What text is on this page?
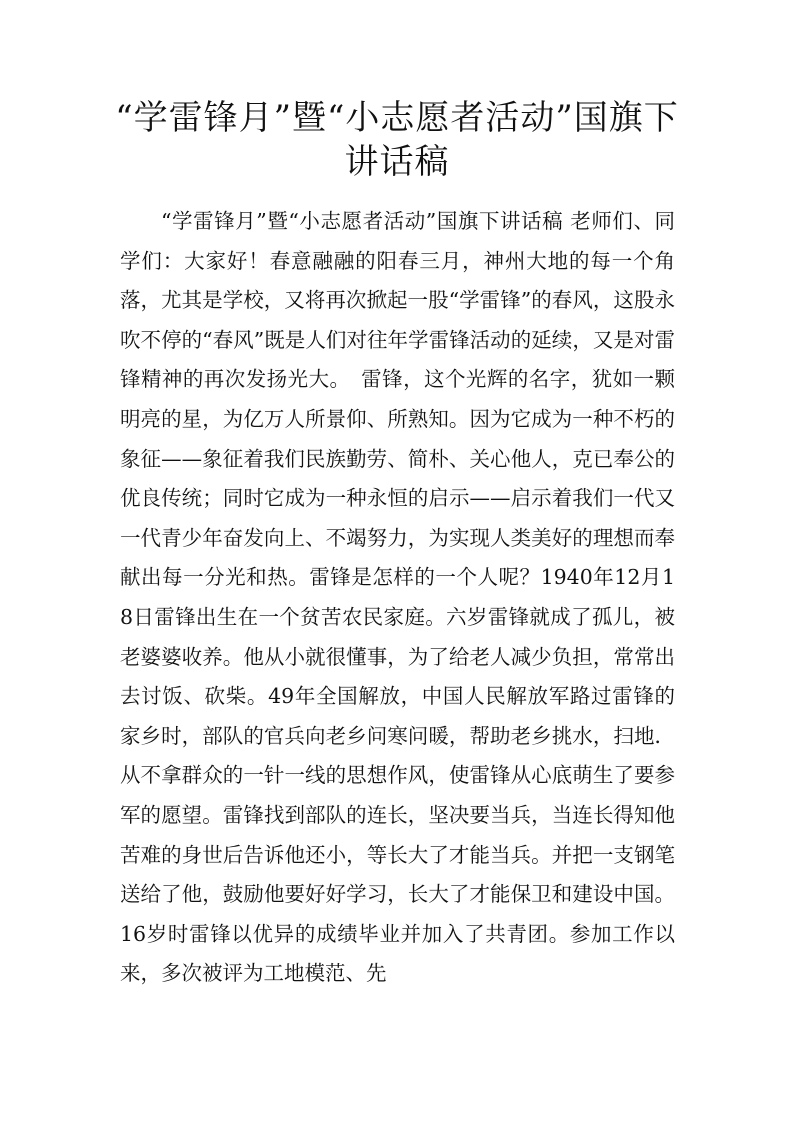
“学雷锋月”暨“小志愿者活动”国旗下讲话稿

“学雷锋月”暨“小志愿者活动”国旗下讲话稿 老师们、同学们：大家好！春意融融的阳春三月，神州大地的每一个角落，尤其是学校，又将再次掀起一股“学雷锋”的春风，这股永吹不停的“春风”既是人们对往年学雷锋活动的延续，又是对雷锋精神的再次发扬光大。　雷锋，这个光辉的名字，犹如一颗明亮的星，为亿万人所景仰、所熟知。因为它成为一种不朽的象征——象征着我们民族勤劳、简朴、关心他人，克已奉公的优良传统；同时它成为一种永恒的启示——启示着我们一代又一代青少年奋发向上、不竭努力，为实现人类美好的理想而奉献出每一分光和热。雷锋是怎样的一个人呢？1940年12月18日雷锋出生在一个贫苦农民家庭。六岁雷锋就成了孤儿，被老婆婆收养。他从小就很懂事，为了给老人减少负担，常常出去讨饭、砍柴。49年全国解放，中国人民解放军路过雷锋的家乡时，部队的官兵向老乡问寒问暖，帮助老乡挑水，扫地．从不拿群众的一针一线的思想作风，使雷锋从心底萌生了要参军的愿望。雷锋找到部队的连长，坚决要当兵，当连长得知他苦难的身世后告诉他还小，等长大了才能当兵。并把一支钢笔送给了他，鼓励他要好好学习，长大了才能保卫和建设中国。16岁时雷锋以优异的成绩毕业并加入了共青团。参加工作以来，多次被评为工地模范、先
